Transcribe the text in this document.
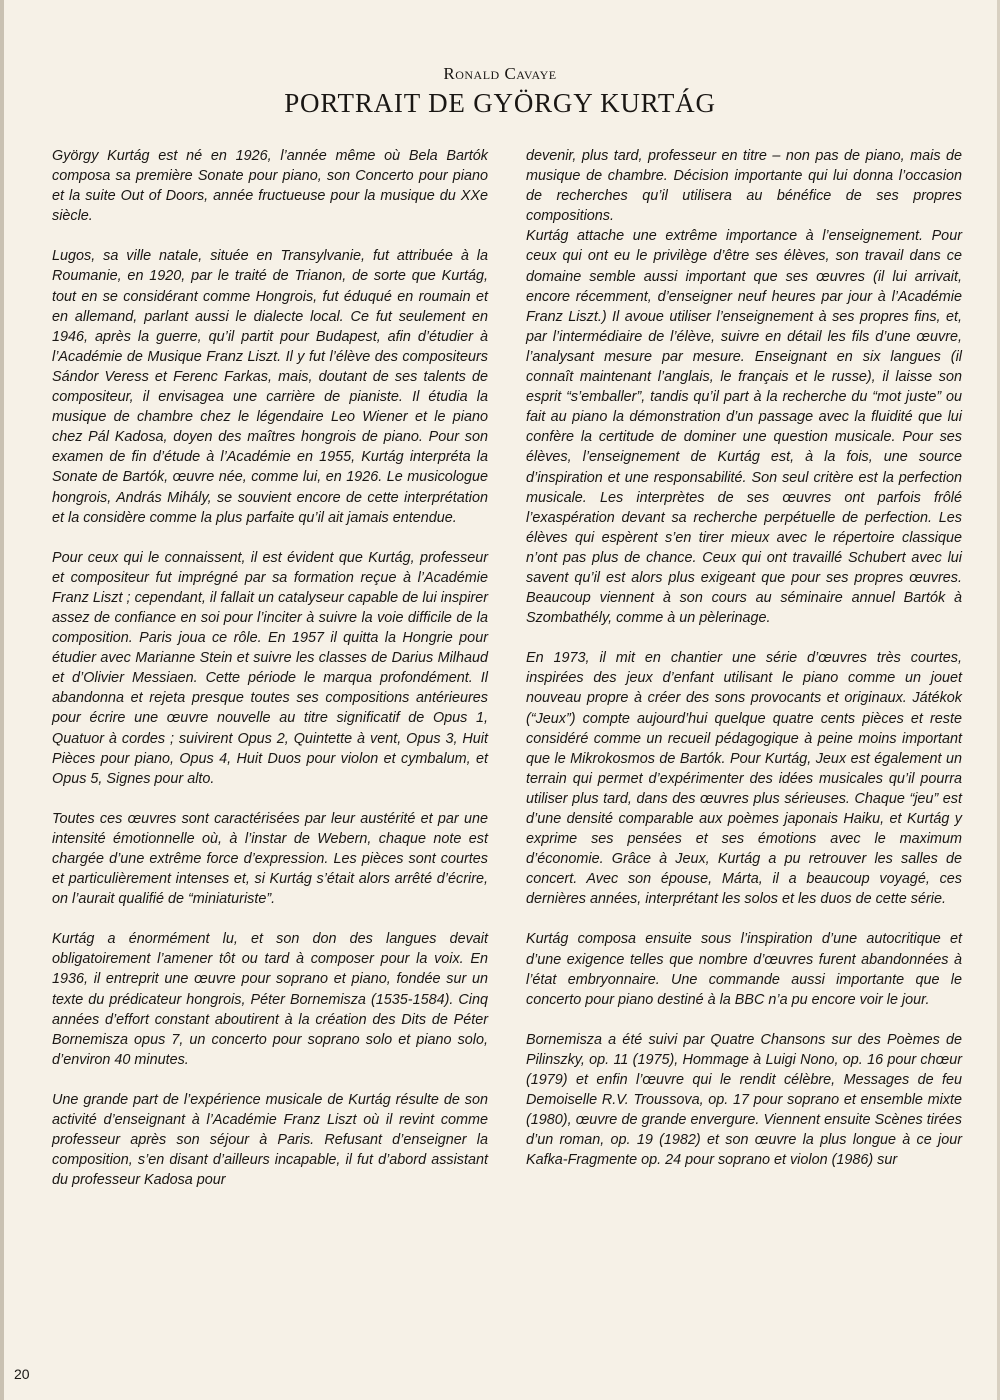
Ronald Cavaye
PORTRAIT DE GYÖRGY KURTÁG

György Kurtág est né en 1926, l’année même où Bela Bartók composa sa première Sonate pour piano, son Concerto pour piano et la suite Out of Doors, année fructueuse pour la musique du XXe siècle.

Lugos, sa ville natale, située en Transylvanie, fut attribuée à la Roumanie, en 1920, par le traité de Trianon, de sorte que Kurtág, tout en se considérant comme Hongrois, fut éduqué en roumain et en allemand, parlant aussi le dialecte local. Ce fut seulement en 1946, après la guerre, qu’il partit pour Budapest, afin d’étudier à l’Académie de Musique Franz Liszt. Il y fut l’élève des compositeurs Sándor Veress et Ferenc Farkas, mais, doutant de ses talents de compositeur, il envisagea une carrière de pianiste. Il étudia la musique de chambre chez le légendaire Leo Wiener et le piano chez Pál Kadosa, doyen des maîtres hongrois de piano. Pour son examen de fin d’étude à l’Académie en 1955, Kurtág interpréta la Sonate de Bartók, œuvre née, comme lui, en 1926. Le musicologue hongrois, András Mihály, se souvient encore de cette interprétation et la considère comme la plus parfaite qu’il ait jamais entendue.

Pour ceux qui le connaissent, il est évident que Kurtág, professeur et compositeur fut imprégné par sa formation reçue à l’Académie Franz Liszt ; cependant, il fallait un catalyseur capable de lui inspirer assez de confiance en soi pour l’inciter à suivre la voie difficile de la composition. Paris joua ce rôle. En 1957 il quitta la Hongrie pour étudier avec Marianne Stein et suivre les classes de Darius Milhaud et d’Olivier Messiaen. Cette période le marqua profondément. Il abandonna et rejeta presque toutes ses compositions antérieures pour écrire une œuvre nouvelle au titre significatif de Opus 1, Quatuor à cordes ; suivirent Opus 2, Quintette à vent, Opus 3, Huit Pièces pour piano, Opus 4, Huit Duos pour violon et cymbalum, et Opus 5, Signes pour alto.

Toutes ces œuvres sont caractérisées par leur austérité et par une intensité émotionnelle où, à l’instar de Webern, chaque note est chargée d’une extrême force d’expression. Les pièces sont courtes et particulièrement intenses et, si Kurtág s’était alors arrêté d’écrire, on l’aurait qualifié de “miniaturiste”.

Kurtág a énormément lu, et son don des langues devait obligatoirement l’amener tôt ou tard à composer pour la voix. En 1936, il entreprit une œuvre pour soprano et piano, fondée sur un texte du prédicateur hongrois, Péter Bornemisza (1535-1584). Cinq années d’effort constant aboutirent à la création des Dits de Péter Bornemisza opus 7, un concerto pour soprano solo et piano solo, d’environ 40 minutes.

Une grande part de l’expérience musicale de Kurtág résulte de son activité d’enseignant à l’Académie Franz Liszt où il revint comme professeur après son séjour à Paris. Refusant d’enseigner la composition, s’en disant d’ailleurs incapable, il fut d’abord assistant du professeur Kadosa pour

devenir, plus tard, professeur en titre – non pas de piano, mais de musique de chambre. Décision importante qui lui donna l’occasion de recherches qu’il utilisera au bénéfice de ses propres compositions.

Kurtág attache une extrême importance à l’enseignement. Pour ceux qui ont eu le privilège d’être ses élèves, son travail dans ce domaine semble aussi important que ses œuvres (il lui arrivait, encore récemment, d’enseigner neuf heures par jour à l’Académie Franz Liszt.) Il avoue utiliser l’enseignement à ses propres fins, et, par l’intermédiaire de l’élève, suivre en détail les fils d’une œuvre, l’analysant mesure par mesure. Enseignant en six langues (il connaît maintenant l’anglais, le français et le russe), il laisse son esprit “s’emballer”, tandis qu’il part à la recherche du “mot juste” ou fait au piano la démonstration d’un passage avec la fluidité que lui confère la certitude de dominer une question musicale. Pour ses élèves, l’enseignement de Kurtág est, à la fois, une source d’inspiration et une responsabilité. Son seul critère est la perfection musicale. Les interprètes de ses œuvres ont parfois frôlé l’exaspération devant sa recherche perpétuelle de perfection. Les élèves qui espèrent s’en tirer mieux avec le répertoire classique n’ont pas plus de chance. Ceux qui ont travaillé Schubert avec lui savent qu’il est alors plus exigeant que pour ses propres œuvres. Beaucoup viennent à son cours au séminaire annuel Bartók à Szombathély, comme à un pèlerinage.

En 1973, il mit en chantier une série d’œuvres très courtes, inspirées des jeux d’enfant utilisant le piano comme un jouet nouveau propre à créer des sons provocants et originaux. Játékok (“Jeux”) compte aujourd’hui quelque quatre cents pièces et reste considéré comme un recueil pédagogique à peine moins important que le Mikrokosmos de Bartók. Pour Kurtág, Jeux est également un terrain qui permet d’expérimenter des idées musicales qu’il pourra utiliser plus tard, dans des œuvres plus sérieuses. Chaque “jeu” est d’une densité comparable aux poèmes japonais Haiku, et Kurtág y exprime ses pensées et ses émotions avec le maximum d’économie. Grâce à Jeux, Kurtág a pu retrouver les salles de concert. Avec son épouse, Márta, il a beaucoup voyagé, ces dernières années, interprétant les solos et les duos de cette série.

Kurtág composa ensuite sous l’inspiration d’une autocritique et d’une exigence telles que nombre d’œuvres furent abandonnées à l’état embryonnaire. Une commande aussi importante que le concerto pour piano destiné à la BBC n’a pu encore voir le jour.

Bornemisza a été suivi par Quatre Chansons sur des Poèmes de Pilinszky, op. 11 (1975), Hommage à Luigi Nono, op. 16 pour chœur (1979) et enfin l’œuvre qui le rendit célèbre, Messages de feu Demoiselle R.V. Troussova, op. 17 pour soprano et ensemble mixte (1980), œuvre de grande envergure. Viennent ensuite Scènes tirées d’un roman, op. 19 (1982) et son œuvre la plus longue à ce jour Kafka-Fragmente op. 24 pour soprano et violon (1986) sur

20
